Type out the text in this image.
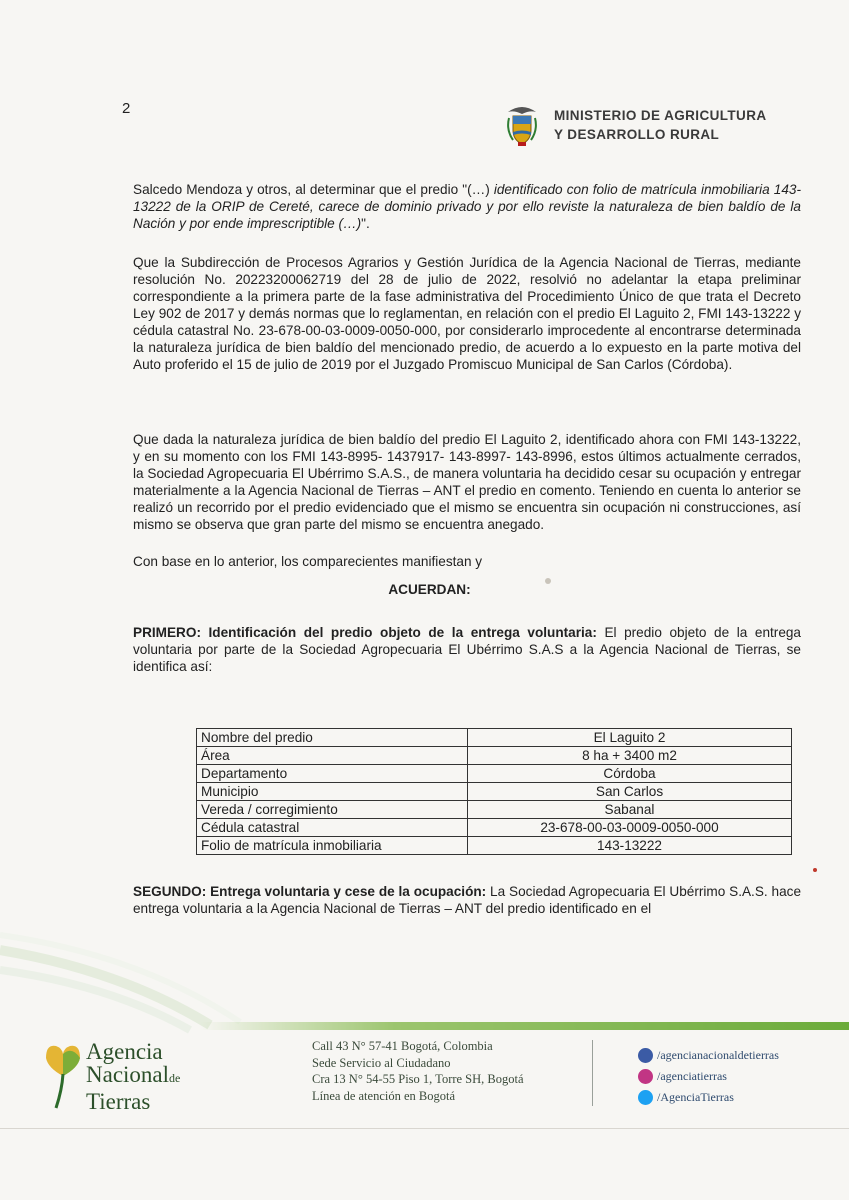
2	MINISTERIO DE AGRICULTURA
Y DESARROLLO RURAL

Salcedo Mendoza y otros, al determinar que el predio "(…) identificado con folio de matrícula inmobiliaria 143-13222 de la ORIP de Cereté, carece de dominio privado y por ello reviste la naturaleza de bien baldío de la Nación y por ende imprescriptible (…)".

Que la Subdirección de Procesos Agrarios y Gestión Jurídica de la Agencia Nacional de Tierras, mediante resolución No. 20223200062719 del 28 de julio de 2022, resolvió no adelantar la etapa preliminar correspondiente a la primera parte de la fase administrativa del Procedimiento Único de que trata el Decreto Ley 902 de 2017 y demás normas que lo reglamentan, en relación con el predio El Laguito 2, FMI 143-13222 y cédula catastral No. 23-678-00-03-0009-0050-000, por considerarlo improcedente al encontrarse determinada la naturaleza jurídica de bien baldío del mencionado predio, de acuerdo a lo expuesto en la parte motiva del Auto proferido el 15 de julio de 2019 por el Juzgado Promiscuo Municipal de San Carlos (Córdoba).

Que dada la naturaleza jurídica de bien baldío del predio El Laguito 2, identificado ahora con FMI 143-13222, y en su momento con los FMI 143-8995- 1437917- 143-8997- 143-8996, estos últimos actualmente cerrados, la Sociedad Agropecuaria El Ubérrimo S.A.S., de manera voluntaria ha decidido cesar su ocupación y entregar materialmente a la Agencia Nacional de Tierras – ANT el predio en comento. Teniendo en cuenta lo anterior se realizó un recorrido por el predio evidenciado que el mismo se encuentra sin ocupación ni construcciones, así mismo se observa que gran parte del mismo se encuentra anegado.

Con base en lo anterior, los comparecientes manifiestan y

ACUERDAN:

PRIMERO: Identificación del predio objeto de la entrega voluntaria: El predio objeto de la entrega voluntaria por parte de la Sociedad Agropecuaria El Ubérrimo S.A.S a la Agencia Nacional de Tierras, se identifica así:

Nombre del predio	El Laguito 2
Área	8 ha + 3400 m2
Departamento	Córdoba
Municipio	San Carlos
Vereda / corregimiento	Sabanal
Cédula catastral	23-678-00-03-0009-0050-000
Folio de matrícula inmobiliaria	143-13222

SEGUNDO: Entrega voluntaria y cese de la ocupación: La Sociedad Agropecuaria El Ubérrimo S.A.S. hace entrega voluntaria a la Agencia Nacional de Tierras – ANT del predio identificado en el

Agencia
Nacionalde
Tierras
Call 43 N° 57-41 Bogotá, Colombia
Sede Servicio al Ciudadano
Cra 13 N° 54-55 Piso 1, Torre SH, Bogotá
Línea de atención en Bogotá
/agencianacionaldetierras
/agenciatierras
/AgenciaTierras
